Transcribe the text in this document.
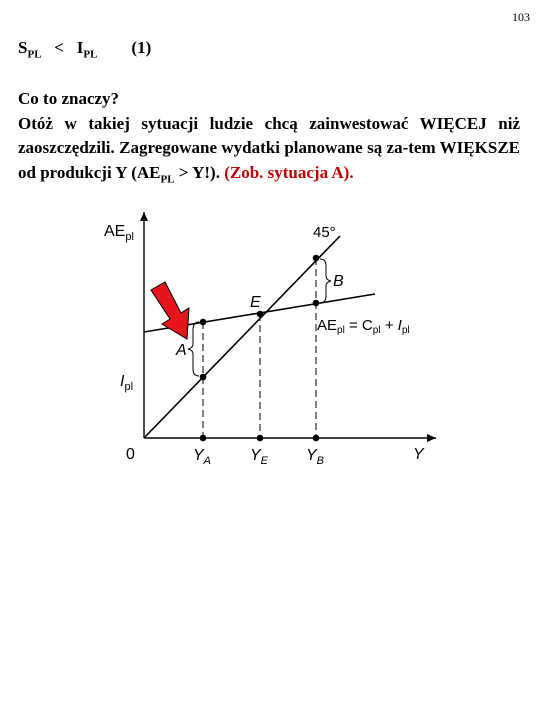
103
$S_{PL} < I_{PL}$ (1)
Co to znaczy?
Otóż w takiej sytuacji ludzie chcą zainwestować WIĘCEJ niż zaoszczędzili. Zagregowane wydatki planowane są za-tem WIĘKSZE od produkcji Y $(AE_{PL} > Y!)$. (Zob. sytuacja A).
$AE_{pl}$	45°
B
E
$AE_{pl} = C_{pl} + I_{pl}$
A
$I_{pl}$
0	$Y_A$ $Y_E$ $Y_B$	Y
